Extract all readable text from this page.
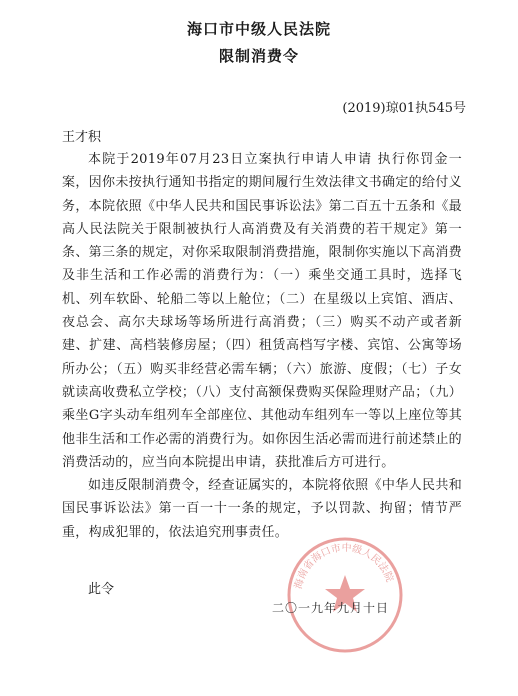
海口市中级人民法院
限制消费令
(2019)琼01执545号
王才积

本院于2019年07月23日立案执行申请人申请 执行你罚金一案，因你未按执行通知书指定的期间履行生效法律文书确定的给付义务，本院依照《中华人民共和国民事诉讼法》第二百五十五条和《最高人民法院关于限制被执行人高消费及有关消费的若干规定》第一条、第三条的规定，对你采取限制消费措施，限制你实施以下高消费及非生活和工作必需的消费行为：（一）乘坐交通工具时，选择飞机、列车软卧、轮船二等以上舱位；（二）在星级以上宾馆、酒店、夜总会、高尔夫球场等场所进行高消费；（三）购买不动产或者新建、扩建、高档装修房屋；（四）租赁高档写字楼、宾馆、公寓等场所办公；（五）购买非经营必需车辆；（六）旅游、度假；（七）子女就读高收费私立学校；（八）支付高额保费购买保险理财产品；（九）乘坐G字头动车组列车全部座位、其他动车组列车一等以上座位等其他非生活和工作必需的消费行为。如你因生活必需而进行前述禁止的消费活动的，应当向本院提出申请，获批准后方可进行。

如违反限制消费令，经查证属实的，本院将依照《中华人民共和国民事诉讼法》第一百一十一条的规定，予以罚款、拘留；情节严重，构成犯罪的，依法追究刑事责任。

此令	海南省海口市中级人民法院
二〇一九年九月十日
